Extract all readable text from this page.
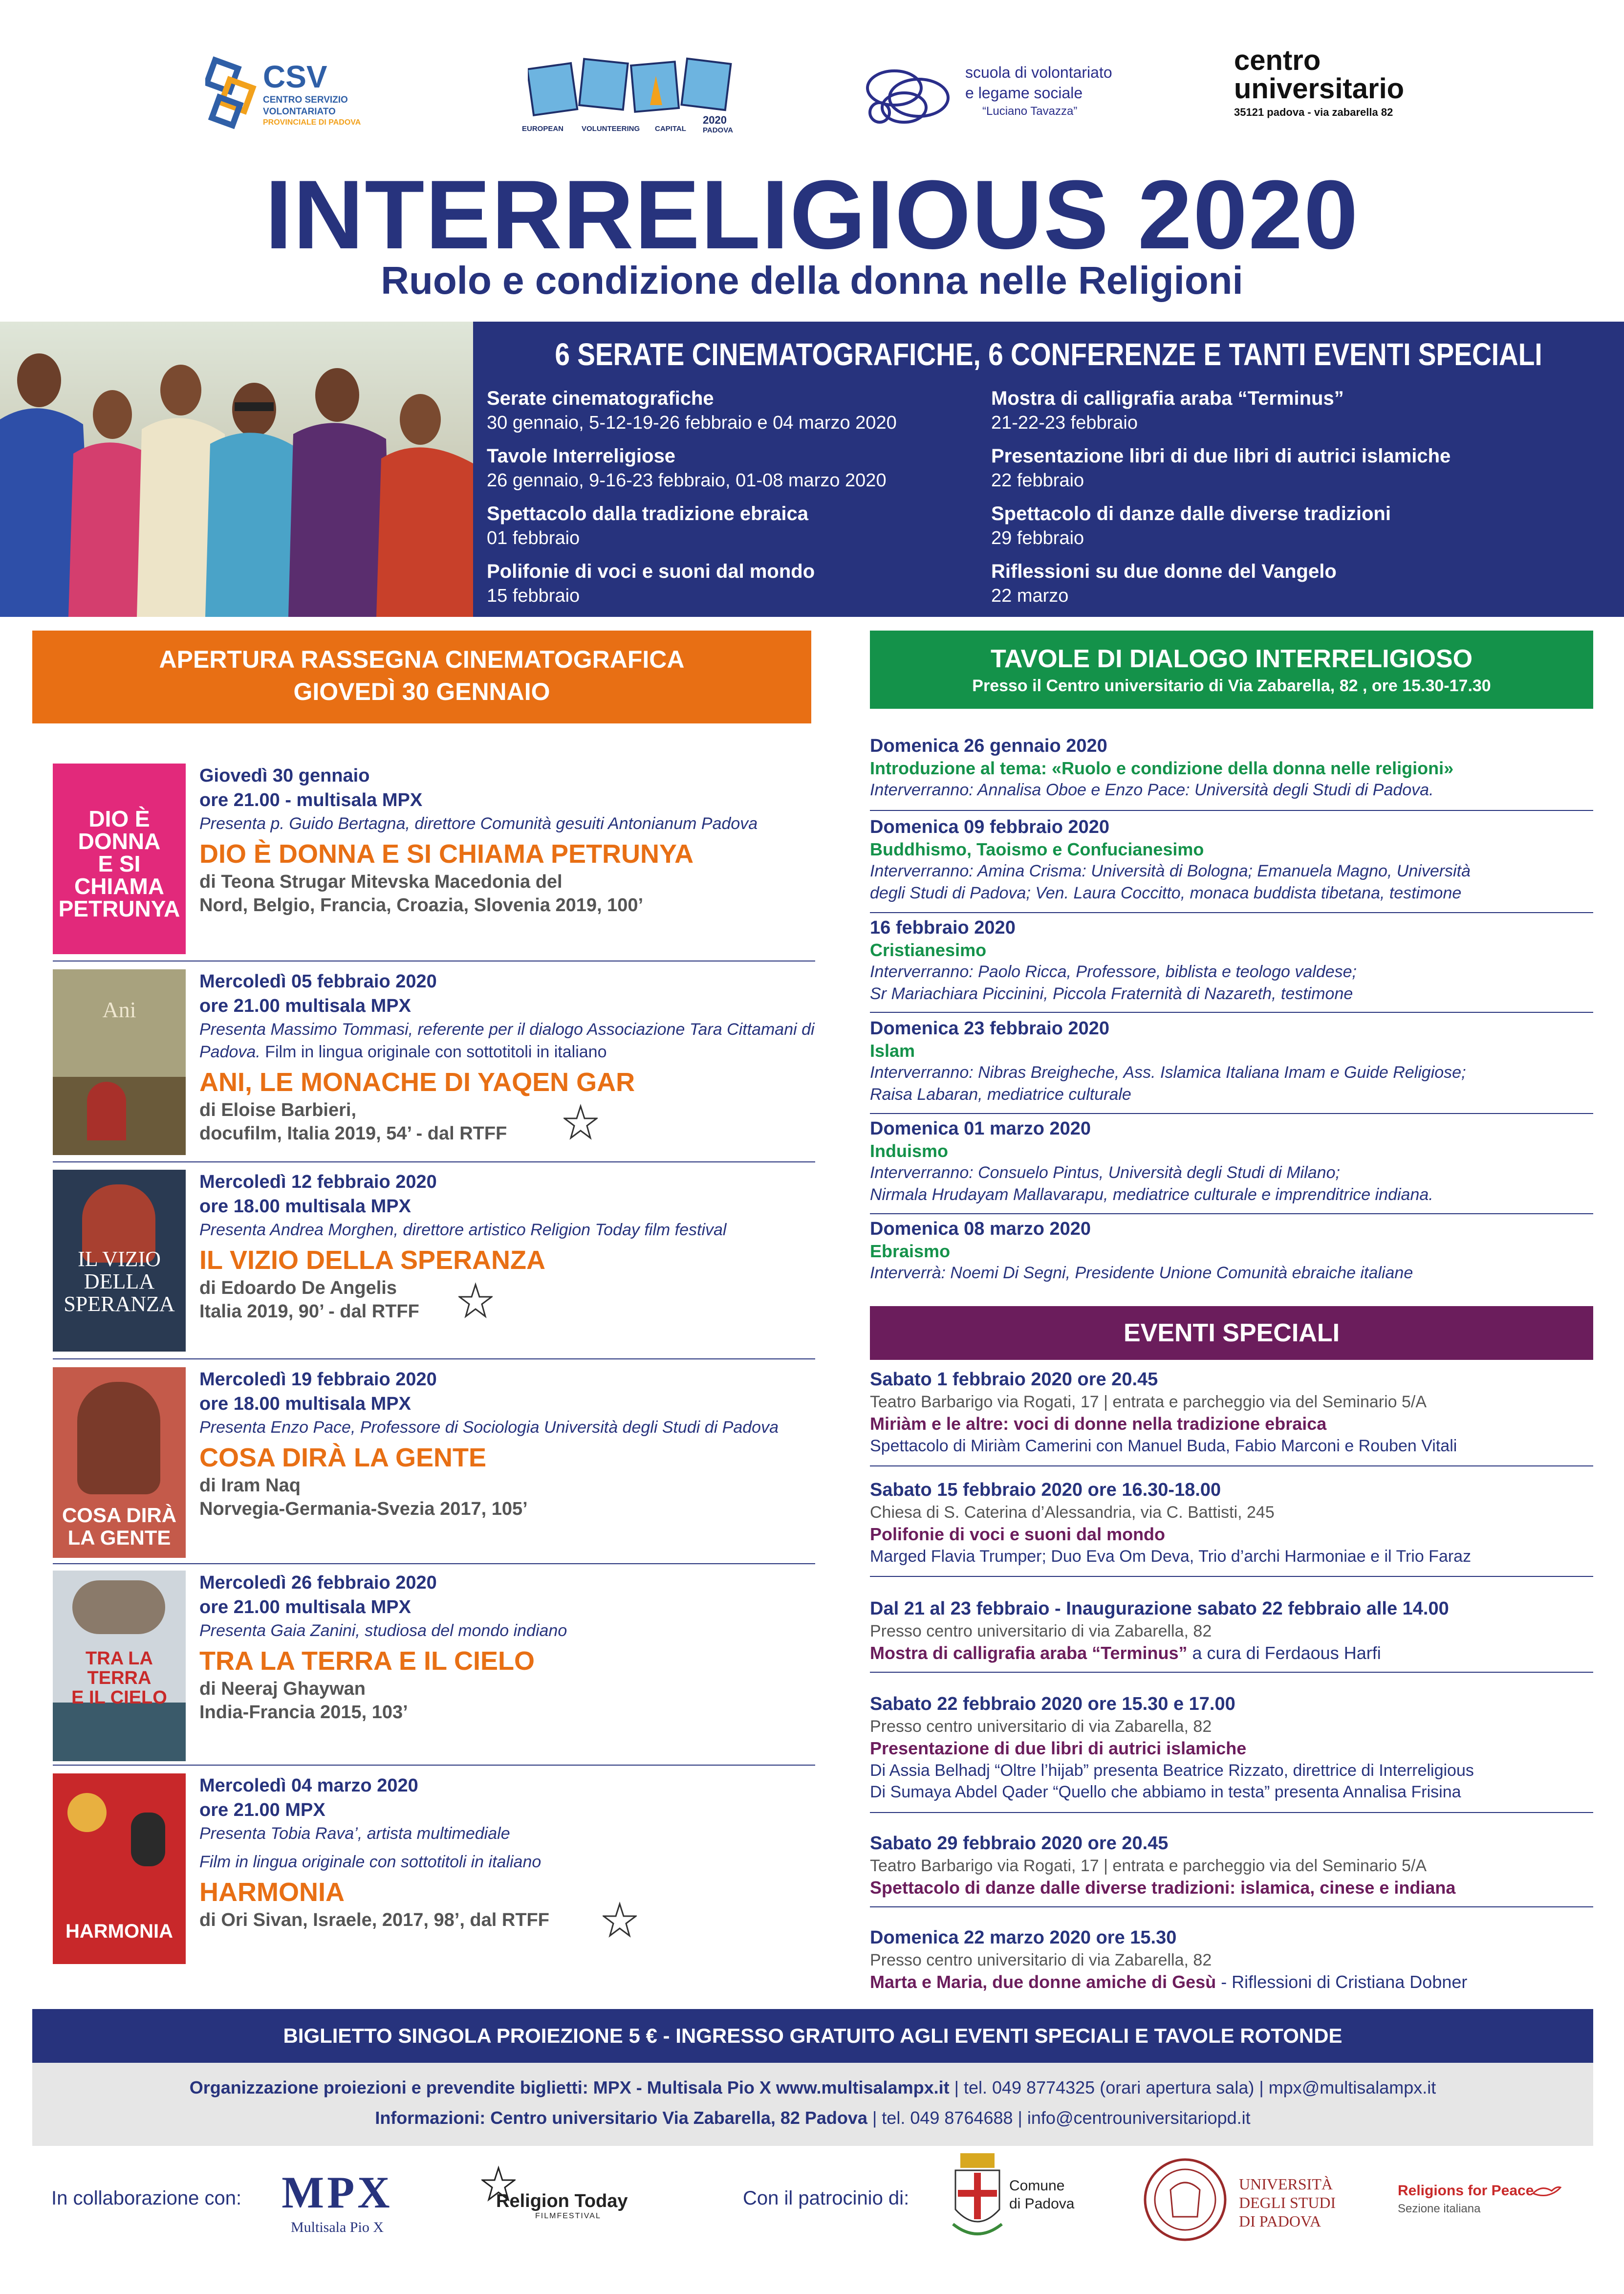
CSV
CENTRO SERVIZIO
VOLONTARIATO
PROVINCIALE DI PADOVA
EUROPEAN VOLUNTEERING CAPITAL
2020
PADOVA
scuola di volontariato
e legame sociale
“Luciano Tavazza”
centro
universitario
35121 padova - via zabarella 82
INTERRELIGIOUS 2020
Ruolo e condizione della donna nelle Religioni
6 SERATE CINEMATOGRAFICHE, 6 CONFERENZE E TANTI EVENTI SPECIALI
Serate cinematografiche
30 gennaio, 5-12-19-26 febbraio e 04 marzo 2020
Tavole Interreligiose
26 gennaio, 9-16-23 febbraio, 01-08 marzo 2020
Spettacolo dalla tradizione ebraica
01 febbraio
Polifonie di voci e suoni dal mondo
15 febbraio
Mostra di calligrafia araba “Terminus”
21-22-23 febbraio
Presentazione libri di due libri di autrici islamiche
22 febbraio
Spettacolo di danze dalle diverse tradizioni
29 febbraio
Riflessioni su due donne del Vangelo
22 marzo
APERTURA RASSEGNA CINEMATOGRAFICA
GIOVEDÌ 30 GENNAIO
TAVOLE DI DIALOGO INTERRELIGIOSO
Presso il Centro universitario di Via Zabarella, 82 , ore 15.30-17.30
DIO È DONNA
E SI CHIAMA
PETRUNYA
Giovedì 30 gennaio
ore 21.00 - multisala MPX
Presenta p. Guido Bertagna, direttore Comunità gesuiti Antonianum Padova
DIO È DONNA E SI CHIAMA PETRUNYA
di Teona Strugar Mitevska Macedonia del
Nord, Belgio, Francia, Croazia, Slovenia 2019, 100’
Ani
Mercoledì 05 febbraio 2020
ore 21.00 multisala MPX
Presenta Massimo Tommasi, referente per il dialogo Associazione Tara Cittamani di Padova. Film in lingua originale con sottotitoli in italiano
ANI, LE MONACHE DI YAQEN GAR
di Eloise Barbieri,
docufilm, Italia 2019, 54’ - dal RTFF
IL VIZIO DELLA
SPERANZA
Mercoledì 12 febbraio 2020
ore 18.00 multisala MPX
Presenta Andrea Morghen, direttore artistico Religion Today film festival
IL VIZIO DELLA SPERANZA
di Edoardo De Angelis
Italia 2019, 90’ - dal RTFF
COSA DIRÀ
LA GENTE
Mercoledì 19 febbraio 2020
ore 18.00 multisala MPX
Presenta Enzo Pace, Professore di Sociologia Università degli Studi di Padova
COSA DIRÀ LA GENTE
di Iram Naq
Norvegia-Germania-Svezia 2017, 105’
TRA LA TERRA
E IL CIELO
Mercoledì 26 febbraio 2020
ore 21.00 multisala MPX
Presenta Gaia Zanini, studiosa del mondo indiano
TRA LA TERRA E IL CIELO
di Neeraj Ghaywan
India-Francia 2015, 103’
HARMONIA
Mercoledì 04 marzo 2020
ore 21.00 MPX
Presenta Tobia Rava’, artista multimediale
Film in lingua originale con sottotitoli in italiano
HARMONIA
di Ori Sivan, Israele, 2017, 98’, dal RTFF
Domenica 26 gennaio 2020
Introduzione al tema: «Ruolo e condizione della donna nelle religioni»
Interverranno: Annalisa Oboe e Enzo Pace: Università degli Studi di Padova.
Domenica 09 febbraio 2020
Buddhismo, Taoismo e Confucianesimo
Interverranno: Amina Crisma: Università di Bologna; Emanuela Magno, Università
degli Studi di Padova; Ven. Laura Coccitto, monaca buddista tibetana, testimone
16 febbraio 2020
Cristianesimo
Interverranno: Paolo Ricca, Professore, biblista e teologo valdese;
Sr Mariachiara Piccinini, Piccola Fraternità di Nazareth, testimone
Domenica 23 febbraio 2020
Islam
Interverranno: Nibras Breigheche, Ass. Islamica Italiana Imam e Guide Religiose;
Raisa Labaran, mediatrice culturale
Domenica 01 marzo 2020
Induismo
Interverranno: Consuelo Pintus, Università degli Studi di Milano;
Nirmala Hrudayam Mallavarapu, mediatrice culturale e imprenditrice indiana.
Domenica 08 marzo 2020
Ebraismo
Interverrà: Noemi Di Segni, Presidente Unione Comunità ebraiche italiane
EVENTI SPECIALI
Sabato 1 febbraio 2020 ore 20.45
Teatro Barbarigo via Rogati, 17 | entrata e parcheggio via del Seminario 5/A
Miriàm e le altre: voci di donne nella tradizione ebraica
Spettacolo di Miriàm Camerini con Manuel Buda, Fabio Marconi e Rouben Vitali
Sabato 15 febbraio 2020 ore 16.30-18.00
Chiesa di S. Caterina d’Alessandria, via C. Battisti, 245
Polifonie di voci e suoni dal mondo
Marged Flavia Trumper; Duo Eva Om Deva, Trio d’archi Harmoniae e il Trio Faraz
Dal 21 al 23 febbraio - Inaugurazione sabato 22 febbraio alle 14.00
Presso centro universitario di via Zabarella, 82
Mostra di calligrafia araba “Terminus” a cura di Ferdaous Harfi
Sabato 22 febbraio 2020 ore 15.30 e 17.00
Presso centro universitario di via Zabarella, 82
Presentazione di due libri di autrici islamiche
Di Assia Belhadj “Oltre l’hijab” presenta Beatrice Rizzato, direttrice di Interreligious
Di Sumaya Abdel Qader “Quello che abbiamo in testa” presenta Annalisa Frisina
Sabato 29 febbraio 2020 ore 20.45
Teatro Barbarigo via Rogati, 17 | entrata e parcheggio via del Seminario 5/A
Spettacolo di danze dalle diverse tradizioni: islamica, cinese e indiana
Domenica 22 marzo 2020 ore 15.30
Presso centro universitario di via Zabarella, 82
Marta e Maria, due donne amiche di Gesù - Riflessioni di Cristiana Dobner
BIGLIETTO SINGOLA PROIEZIONE 5 € - INGRESSO GRATUITO AGLI EVENTI SPECIALI E TAVOLE ROTONDE
Organizzazione proiezioni e prevendite biglietti: MPX - Multisala Pio X www.multisalampx.it | tel. 049 8774325 (orari apertura sala) | mpx@multisalampx.it
Informazioni: Centro universitario Via Zabarella, 82 Padova | tel. 049 8764688 | info@centrouniversitariopd.it
In collaborazione con: MPX
Multisala Pio X
Religion Today
FILMFESTIVAL
Con il patrocinio di:
Comune
di Padova
UNIVERSITÀ
DEGLI STUDI
DI PADOVA
Religions for Peace
Sezione italiana
